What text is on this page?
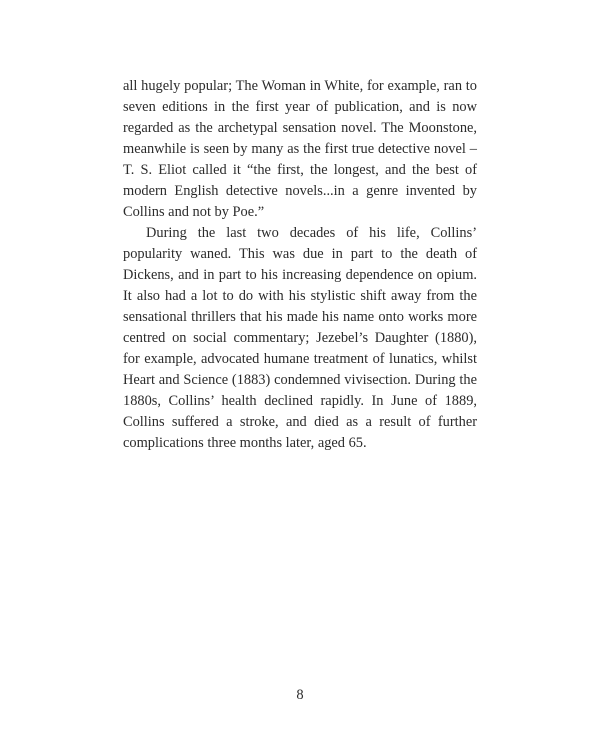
all hugely popular; The Woman in White, for example, ran to seven editions in the first year of publication, and is now regarded as the archetypal sensation novel. The Moonstone, meanwhile is seen by many as the first true detective novel – T. S. Eliot called it “the first, the longest, and the best of modern English detective novels...in a genre invented by Collins and not by Poe.”

During the last two decades of his life, Collins’ popularity waned. This was due in part to the death of Dickens, and in part to his increasing dependence on opium. It also had a lot to do with his stylistic shift away from the sensational thrillers that his made his name onto works more centred on social commentary; Jezebel’s Daughter (1880), for example, advocated humane treatment of lunatics, whilst Heart and Science (1883) condemned vivisection. During the 1880s, Collins’ health declined rapidly. In June of 1889, Collins suffered a stroke, and died as a result of further complications three months later, aged 65.

8
